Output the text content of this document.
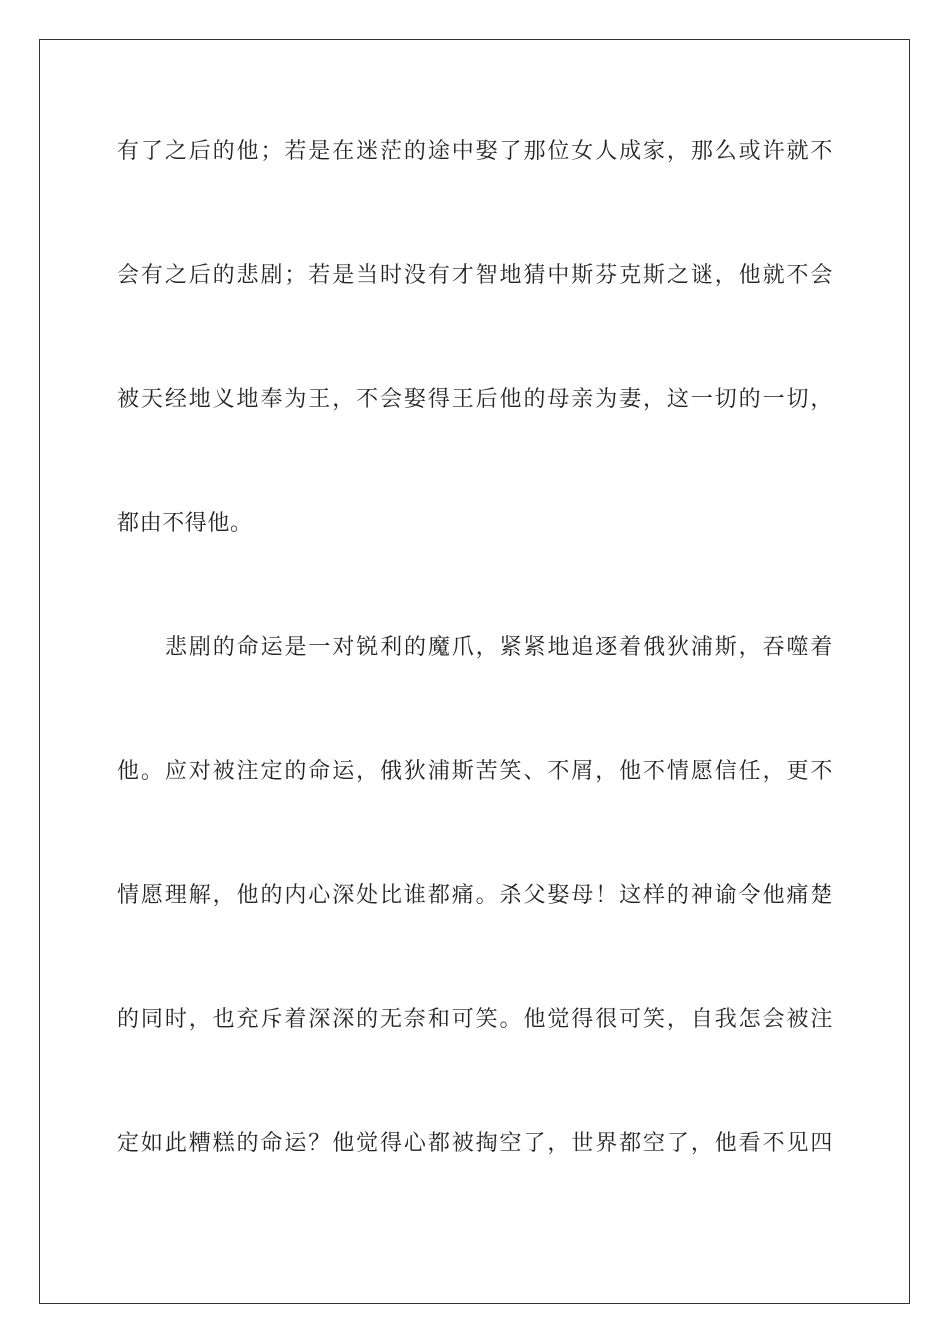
有了之后的他；若是在迷茫的途中娶了那位女人成家，那么或许就不
会有之后的悲剧；若是当时没有才智地猜中斯芬克斯之谜，他就不会
被天经地义地奉为王，不会娶得王后他的母亲为妻，这一切的一切，
都由不得他。
悲剧的命运是一对锐利的魔爪，紧紧地追逐着俄狄浦斯，吞噬着
他。应对被注定的命运，俄狄浦斯苦笑、不屑，他不情愿信任，更不
情愿理解，他的内心深处比谁都痛。杀父娶母！这样的神谕令他痛楚
的同时，也充斥着深深的无奈和可笑。他觉得很可笑，自我怎会被注
定如此糟糕的命运？他觉得心都被掏空了，世界都空了，他看不见四
